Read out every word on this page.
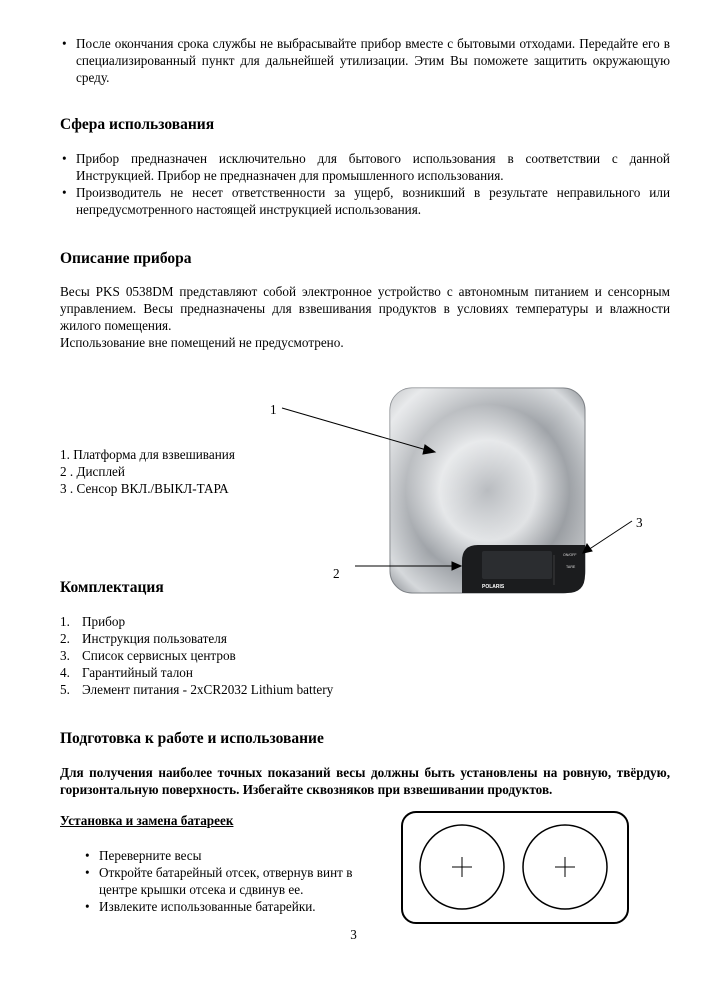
• После окончания срока службы не выбрасывайте прибор вместе с бытовыми отходами. Передайте его в специализированный пункт для дальнейшей утилизации. Этим Вы поможете защитить окружающую среду.
Сфера использования
• Прибор предназначен исключительно для бытового использования в соответствии с данной Инструкцией. Прибор не предназначен для промышленного использования.
• Производитель не несет ответственности за ущерб, возникший в результате неправильного или непредусмотренного настоящей инструкцией использования.
Описание прибора
Весы PKS 0538DM представляют собой электронное устройство с автономным питанием и сенсорным управлением. Весы предназначены для взвешивания продуктов в условиях температуры и влажности жилого помещения.
Использование вне помещений не предусмотрено.
1. Платформа для взвешивания
2 . Дисплей
3 . Сенсор ВКЛ./ВЫКЛ-ТАРА
1
2
3
POLARIS
ON/OFF
TARE
Комплектация
1. Прибор
2. Инструкция пользователя
3. Список сервисных центров
4. Гарантийный талон
5. Элемент питания - 2xCR2032 Lithium battery
Подготовка к работе и использование
Для получения наиболее точных показаний весы должны быть установлены на ровную, твёрдую, горизонтальную поверхность. Избегайте сквозняков при взвешивании продуктов.
Установка и замена батареек
• Переверните весы
• Откройте батарейный отсек, отвернув винт в центре крышки отсека и сдвинув ее.
• Извлеките использованные батарейки.
3
